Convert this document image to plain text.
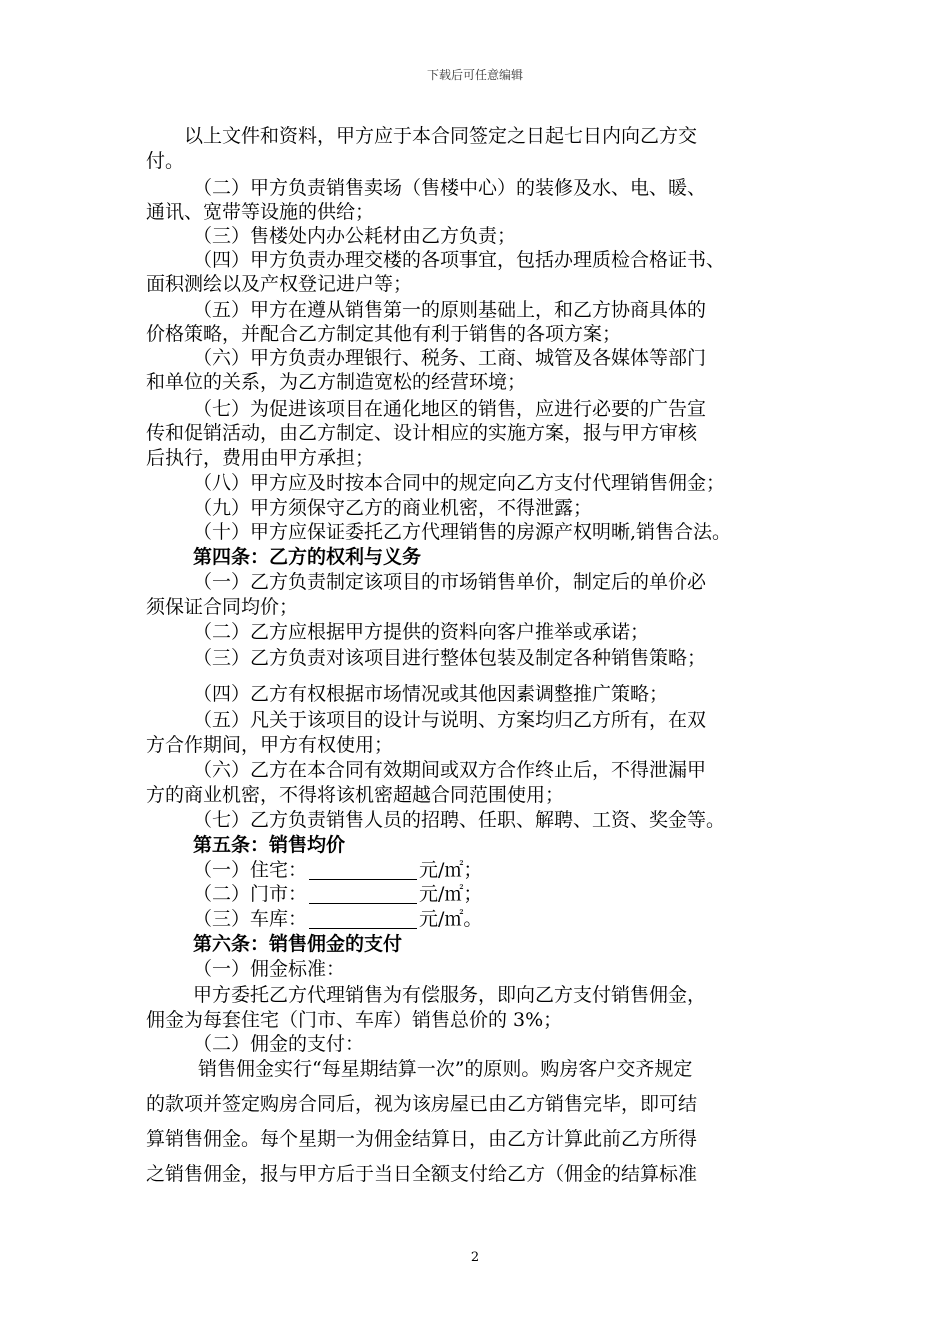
下载后可任意编辑
以上文件和资料，甲方应于本合同签定之日起七日内向乙方交
付。
（二）甲方负责销售卖场（售楼中心）的装修及水、电、暖、
通讯、宽带等设施的供给；
（三）售楼处内办公耗材由乙方负责；
（四）甲方负责办理交楼的各项事宜，包括办理质检合格证书、
面积测绘以及产权登记进户等；
（五）甲方在遵从销售第一的原则基础上，和乙方协商具体的
价格策略，并配合乙方制定其他有利于销售的各项方案；
（六）甲方负责办理银行、税务、工商、城管及各媒体等部门
和单位的关系，为乙方制造宽松的经营环境；
（七）为促进该项目在通化地区的销售，应进行必要的广告宣
传和促销活动，由乙方制定、设计相应的实施方案，报与甲方审核
后执行，费用由甲方承担；
（八）甲方应及时按本合同中的规定向乙方支付代理销售佣金；
（九）甲方须保守乙方的商业机密，不得泄露；
（十）甲方应保证委托乙方代理销售的房源产权明晰,销售合法。
第四条：乙方的权利与义务
（一）乙方负责制定该项目的市场销售单价，制定后的单价必
须保证合同均价；
（二）乙方应根据甲方提供的资料向客户推举或承诺；
（三）乙方负责对该项目进行整体包装及制定各种销售策略；
（四）乙方有权根据市场情况或其他因素调整推广策略；
（五）凡关于该项目的设计与说明、方案均归乙方所有，在双
方合作期间，甲方有权使用；
（六）乙方在本合同有效期间或双方合作终止后，不得泄漏甲
方的商业机密，不得将该机密超越合同范围使用；
（七）乙方负责销售人员的招聘、任职、解聘、工资、奖金等。
第五条：销售均价
（一）住宅：	元/㎡；
（二）门市：	元/㎡；
（三）车库：	元/㎡。
第六条：销售佣金的支付
（一）佣金标准：
甲方委托乙方代理销售为有偿服务，即向乙方支付销售佣金，
佣金为每套住宅（门市、车库）销售总价的 3%；
（二）佣金的支付：
销售佣金实行“每星期结算一次”的原则。购房客户交齐规定
的款项并签定购房合同后，视为该房屋已由乙方销售完毕，即可结
算销售佣金。每个星期一为佣金结算日，由乙方计算此前乙方所得
之销售佣金，报与甲方后于当日全额支付给乙方（佣金的结算标准
2
